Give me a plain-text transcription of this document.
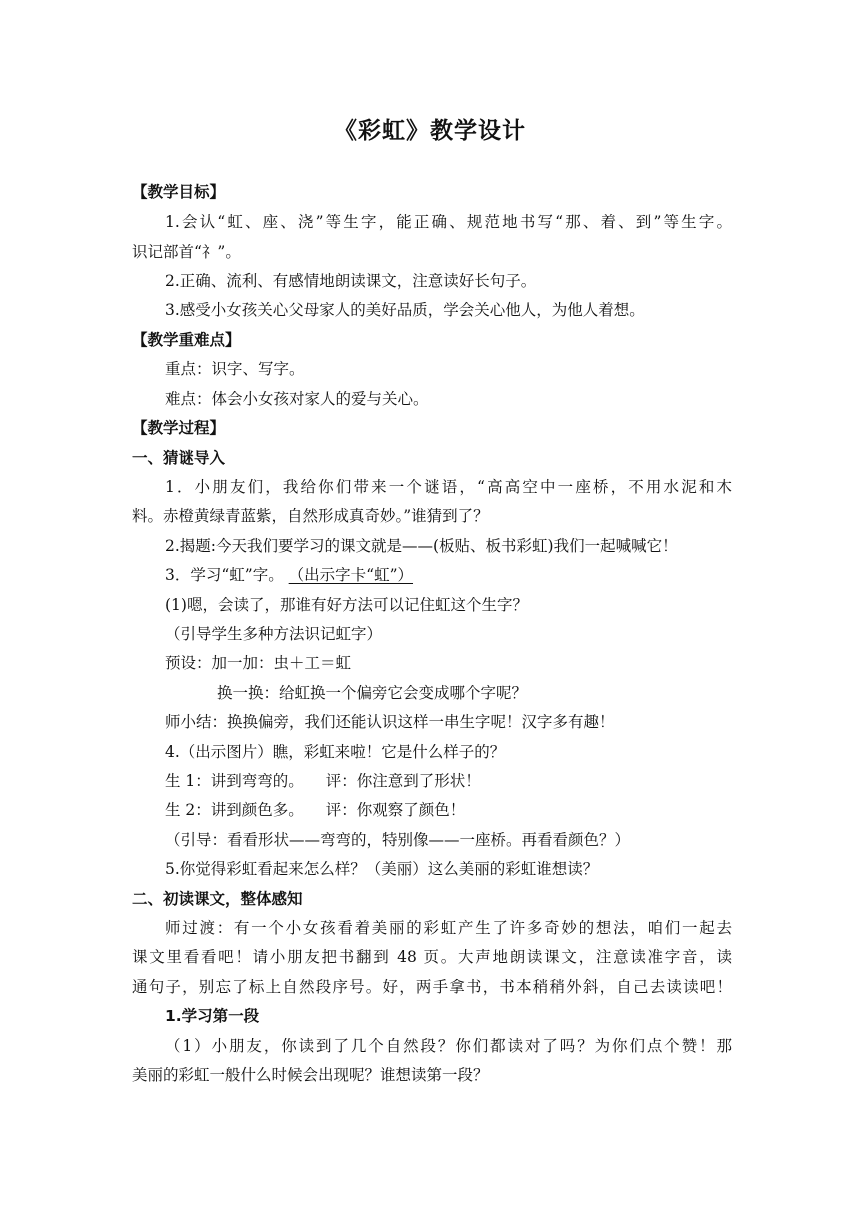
《彩虹》教学设计
【教学目标】
1.会认“虹、座、浇”等生字，能正确、规范地书写“那、着、到”等生字。
识记部首“礻”。
2.正确、流利、有感情地朗读课文，注意读好长句子。
3.感受小女孩关心父母家人的美好品质，学会关心他人，为他人着想。
【教学重难点】
重点：识字、写字。
难点：体会小女孩对家人的爱与关心。
【教学过程】
一、猜谜导入
1．小朋友们，我给你们带来一个谜语，“高高空中一座桥，不用水泥和木
料。赤橙黄绿青蓝紫，自然形成真奇妙。”谁猜到了？
2.揭题:今天我们要学习的课文就是——(板贴、板书彩虹)我们一起喊喊它！
3．学习“虹”字。 （出示字卡“虹”）
(1)嗯，会读了，那谁有好方法可以记住虹这个生字？
（引导学生多种方法识记虹字）
预设：加一加：虫＋工＝虹
换一换：给虹换一个偏旁它会变成哪个字呢？
师小结：换换偏旁，我们还能认识这样一串生字呢！汉字多有趣！
4.（出示图片）瞧，彩虹来啦！它是什么样子的？
生 1：讲到弯弯的。 评：你注意到了形状！
生 2：讲到颜色多。 评：你观察了颜色！
（引导：看看形状——弯弯的，特别像——一座桥。再看看颜色？）
5.你觉得彩虹看起来怎么样？（美丽）这么美丽的彩虹谁想读？
二、初读课文，整体感知
师过渡：有一个小女孩看着美丽的彩虹产生了许多奇妙的想法，咱们一起去
课文里看看吧！请小朋友把书翻到 48 页。大声地朗读课文，注意读准字音，读
通句子，别忘了标上自然段序号。好，两手拿书，书本稍稍外斜，自己去读读吧！
1.学习第一段
（1）小朋友，你读到了几个自然段？你们都读对了吗？为你们点个赞！那
美丽的彩虹一般什么时候会出现呢？谁想读第一段？
